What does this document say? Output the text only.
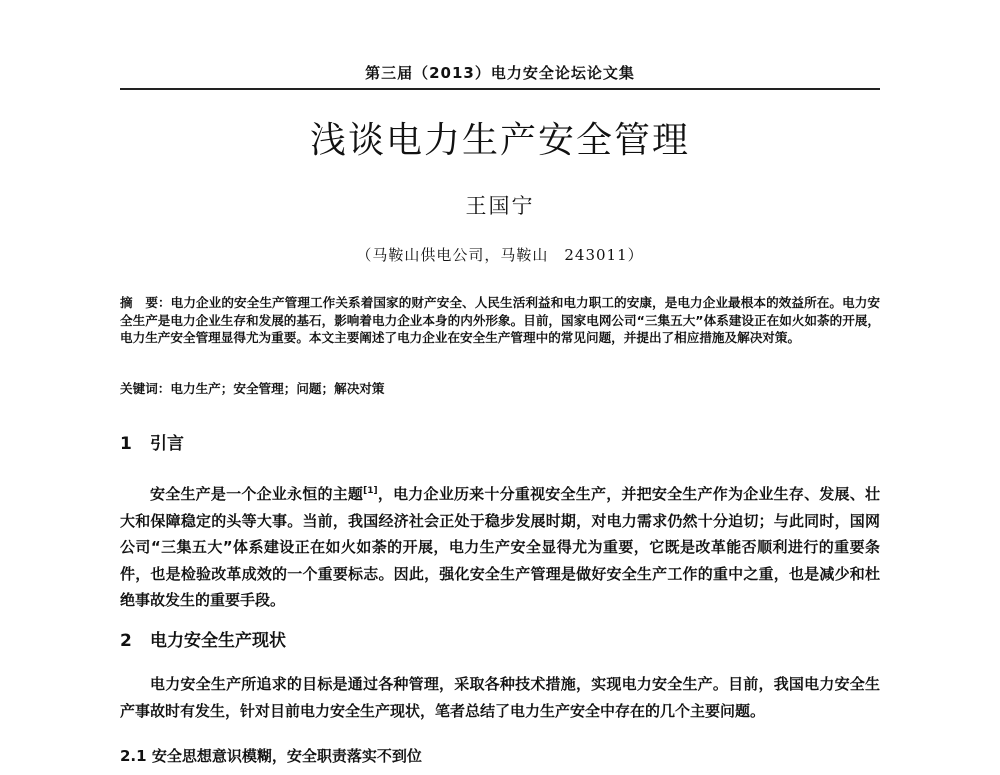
第三届（2013）电力安全论坛论文集
浅谈电力生产安全管理
王国宁
（马鞍山供电公司，马鞍山　243011）
摘　要：电力企业的安全生产管理工作关系着国家的财产安全、人民生活利益和电力职工的安康，是电力企业最根本的效益所在。电力安全生产是电力企业生存和发展的基石，影响着电力企业本身的内外形象。目前，国家电网公司“三集五大”体系建设正在如火如荼的开展，电力生产安全管理显得尤为重要。本文主要阐述了电力企业在安全生产管理中的常见问题，并提出了相应措施及解决对策。
关键词：电力生产；安全管理；问题；解决对策
1 引言
安全生产是一个企业永恒的主题[1]，电力企业历来十分重视安全生产，并把安全生产作为企业生存、发展、壮大和保障稳定的头等大事。当前，我国经济社会正处于稳步发展时期，对电力需求仍然十分迫切；与此同时，国网公司“三集五大”体系建设正在如火如荼的开展，电力生产安全显得尤为重要，它既是改革能否顺利进行的重要条件，也是检验改革成效的一个重要标志。因此，强化安全生产管理是做好安全生产工作的重中之重，也是减少和杜绝事故发生的重要手段。
2 电力安全生产现状
电力安全生产所追求的目标是通过各种管理，采取各种技术措施，实现电力安全生产。目前，我国电力安全生产事故时有发生，针对目前电力安全生产现状，笔者总结了电力生产安全中存在的几个主要问题。
2.1 安全思想意识模糊，安全职责落实不到位
